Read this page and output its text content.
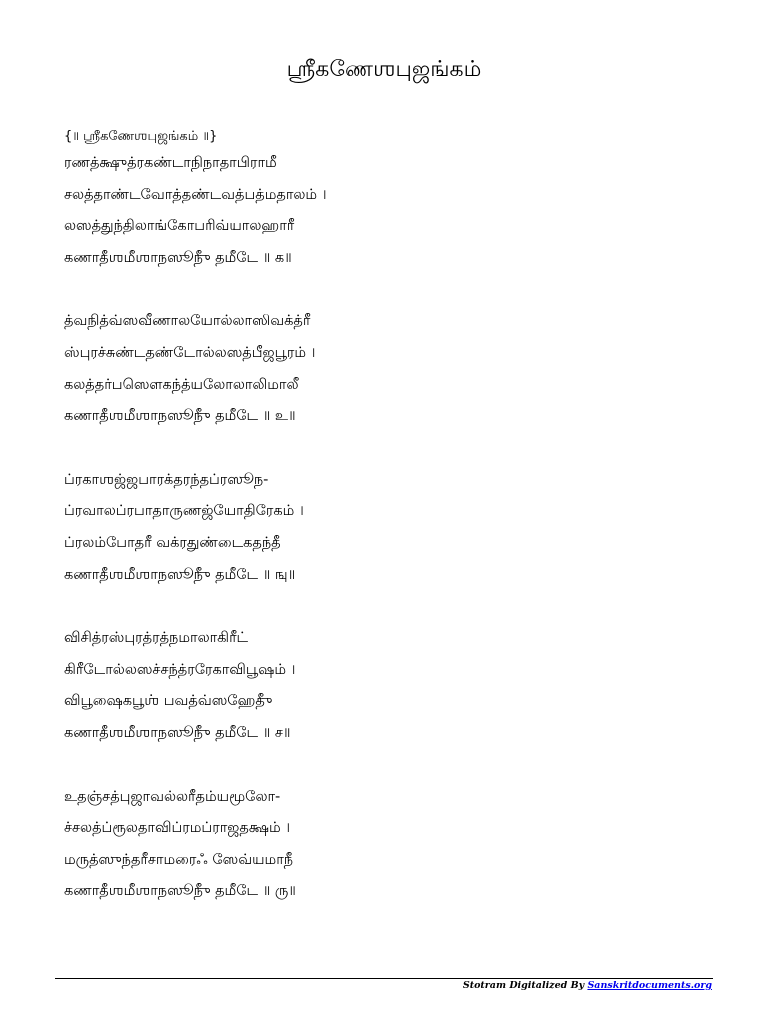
ஶ்ரீகணேஶபுஜங்கம்
{॥ ஶ்ரீகணேஶபுஜங்கம் ॥}
ரணத்க்ஷுத்ரகண்டாநிநாதாபிராமீ
சலத்தாண்டவோத்தண்டவத்பத்மதாலம் ।
லஸத்துந்திலாங்கோபரிவ்யாலஹாரீ
கணாதீஶமீஶாநஸூநுீ தமீடே ॥ க॥
த்வநித்வ்ஸவீணாலயோல்லாஸிவக்த்ரீ
ஸ்புரச்சுண்டதண்டோல்லஸத்பீஜபூரம் ।
கலத்தர்பஸௌகந்த்யலோலாலிமாலீ
கணாதீஶமீஶாநஸூநுீ தமீடே ॥ உ॥
ப்ரகாஶஜ்ஜபாரக்தரந்தப்ரஸூந-
ப்ரவாலப்ரபாதாருணஜ்யோதிரேகம் ।
ப்ரலம்போதரீ வக்ரதுண்டைகதந்தீ
கணாதீஶமீஶாநஸூநுீ தமீடே ॥ ஙு॥
விசித்ரஸ்புரத்ரத்நமாலாகிரீட்
கிரீடோல்லஸச்சந்த்ரரேகாவிபூஷம் ।
விபூஷைகபூஶ் பவத்வ்ஸஹேதுீ
கணாதீஶமீஶாநஸூநுீ தமீடே ॥ ச॥
உதஞ்சத்புஜாவல்லரீதம்யமூலோ-
ச்சலத்ப்ரூலதாவிப்ரமப்ராஜதக்ஷம் ।
மருத்ஸுந்தரீசாமரைஃ ஸேவ்யமாநீ
கணாதீஶமீஶாநஸூநுீ தமீடே ॥ ரு॥
Stotram Digitalized By Sanskritdocuments.org
